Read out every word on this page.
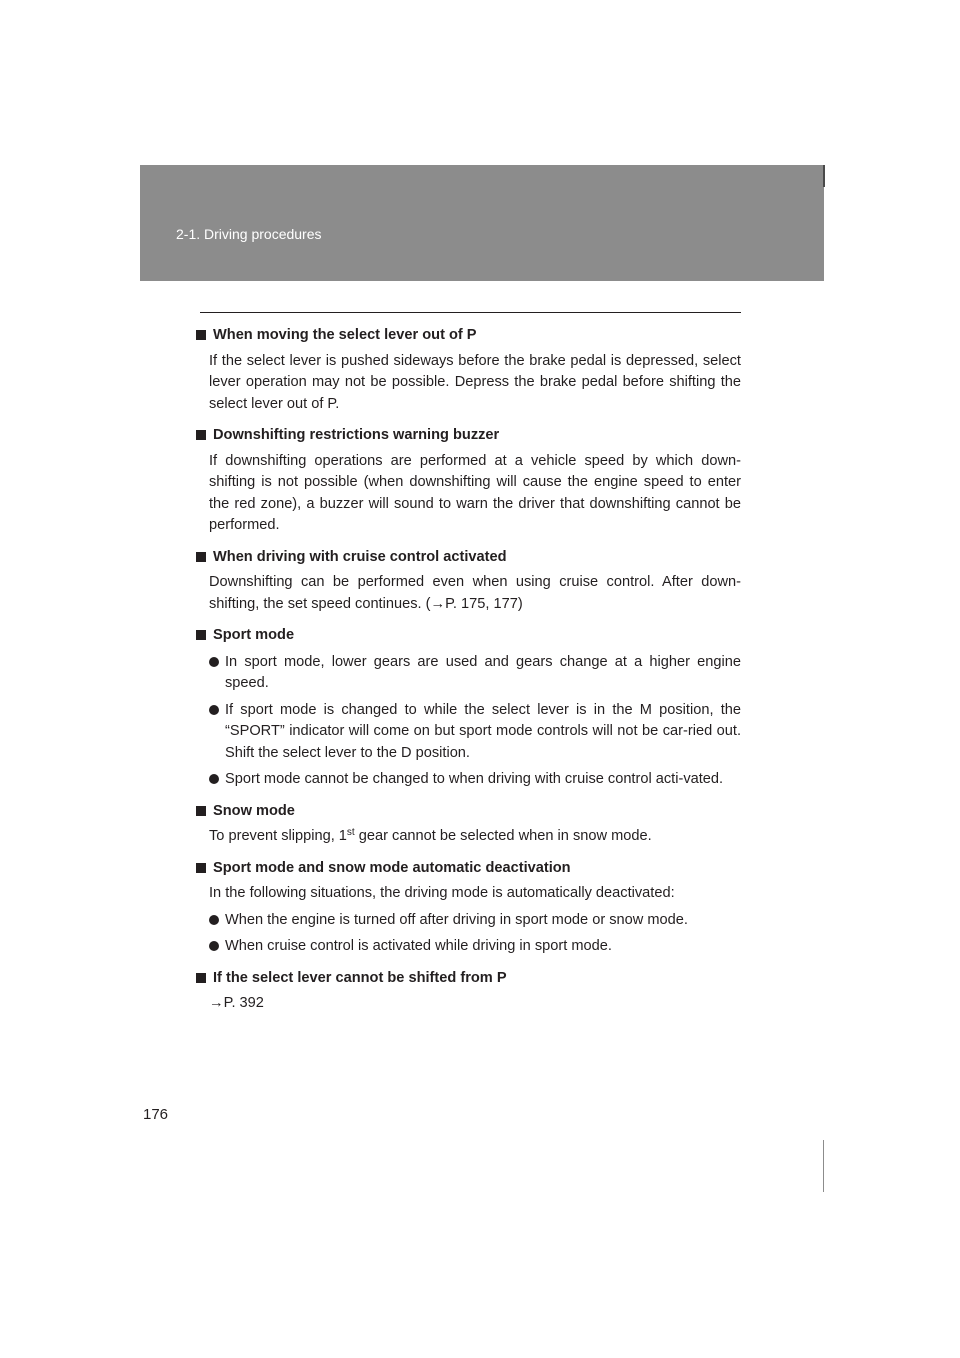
2-1. Driving procedures
When moving the select lever out of P
If the select lever is pushed sideways before the brake pedal is depressed, select lever operation may not be possible. Depress the brake pedal before shifting the select lever out of P.
Downshifting restrictions warning buzzer
If downshifting operations are performed at a vehicle speed by which down-shifting is not possible (when downshifting will cause the engine speed to enter the red zone), a buzzer will sound to warn the driver that downshifting cannot be performed.
When driving with cruise control activated
Downshifting can be performed even when using cruise control. After down-shifting, the set speed continues. (→P. 175, 177)
Sport mode
In sport mode, lower gears are used and gears change at a higher engine speed.
If sport mode is changed to while the select lever is in the M position, the “SPORT” indicator will come on but sport mode controls will not be car-ried out. Shift the select lever to the D position.
Sport mode cannot be changed to when driving with cruise control acti-vated.
Snow mode
To prevent slipping, 1st gear cannot be selected when in snow mode.
Sport mode and snow mode automatic deactivation
In the following situations, the driving mode is automatically deactivated:
When the engine is turned off after driving in sport mode or snow mode.
When cruise control is activated while driving in sport mode.
If the select lever cannot be shifted from P
→P. 392
176
